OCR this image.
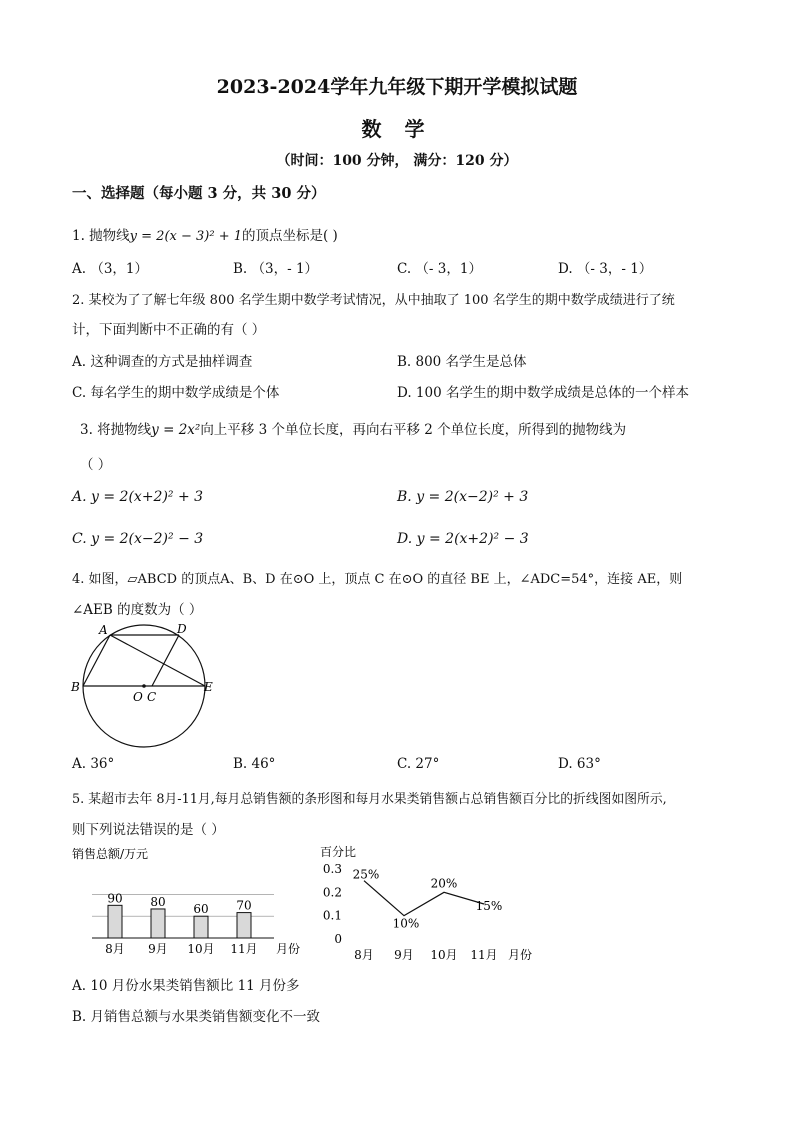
2023-2024学年九年级下期开学模拟试题
数 学
（时间：100 分钟， 满分：120 分）
一、选择题（每小题 3 分，共 30 分）
1. 抛物线y = 2(x − 3)² + 1的顶点坐标是( )
A. （3，1）	B. （3，- 1）	C. （- 3，1）	D. （- 3，- 1）
2. 某校为了了解七年级 800 名学生期中数学考试情况，从中抽取了 100 名学生的期中数学成绩进行了统
计，下面判断中不正确的有（ ）
A. 这种调查的方式是抽样调查	B. 800 名学生是总体
C. 每名学生的期中数学成绩是个体	D. 100 名学生的期中数学成绩是总体的一个样本
3. 将抛物线y = 2x²向上平移 3 个单位长度，再向右平移 2 个单位长度，所得到的抛物线为
（ ）
A. y = 2(x+2)² + 3	B. y = 2(x−2)² + 3
C. y = 2(x−2)² − 3	D. y = 2(x+2)² − 3
4. 如图，▱ABCD 的顶点A、B、D 在⊙O 上，顶点 C 在⊙O 的直径 BE 上，∠ADC=54°，连接 AE，则
∠AEB 的度数为（ ）
A	D
B	E
O C
A. 36°	B. 46°	C. 27°	D. 63°
5. 某超市去年 8月-11月,每月总销售额的条形图和每月水果类销售额占总销售额百分比的折线图如图所示,
则下列说法错误的是（ ）
销售总额/万元
90
8月
80
9月
60
10月
70
11月 月份
百分比
0
0.1
0.2
0.3 25%
8月
10%
9月
20%
10月
15%
11月 月份
A. 10 月份水果类销售额比 11 月份多
B. 月销售总额与水果类销售额变化不一致
